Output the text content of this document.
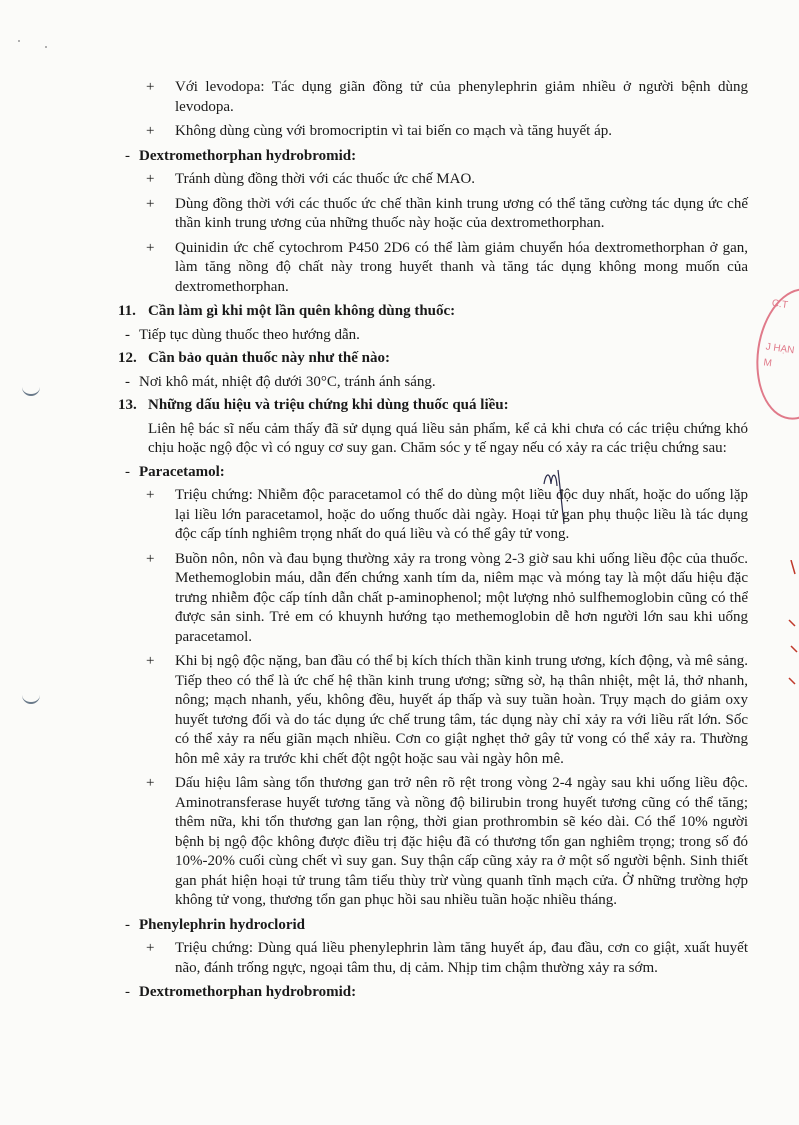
C.T
J HẠN
M
+ Với levodopa: Tác dụng giãn đồng tử của phenylephrin giảm nhiều ở người bệnh dùng levodopa.
+ Không dùng cùng với bromocriptin vì tai biến co mạch và tăng huyết áp.
- Dextromethorphan hydrobromid:
+ Tránh dùng đồng thời với các thuốc ức chế MAO.
+ Dùng đồng thời với các thuốc ức chế thần kinh trung ương có thể tăng cường tác dụng ức chế thần kinh trung ương của những thuốc này hoặc của dextromethorphan.
+ Quinidin ức chế cytochrom P450 2D6 có thể làm giảm chuyển hóa dextromethorphan ở gan, làm tăng nồng độ chất này trong huyết thanh và tăng tác dụng không mong muốn của dextromethorphan.
11. Cần làm gì khi một lần quên không dùng thuốc:
- Tiếp tục dùng thuốc theo hướng dẫn.
12. Cần bảo quản thuốc này như thế nào:
- Nơi khô mát, nhiệt độ dưới 30°C, tránh ánh sáng.
13. Những dấu hiệu và triệu chứng khi dùng thuốc quá liều:
Liên hệ bác sĩ nếu cảm thấy đã sử dụng quá liều sản phẩm, kể cả khi chưa có các triệu chứng khó chịu hoặc ngộ độc vì có nguy cơ suy gan. Chăm sóc y tế ngay nếu có xảy ra các triệu chứng sau:
- Paracetamol:
+ Triệu chứng: Nhiễm độc paracetamol có thể do dùng một liều độc duy nhất, hoặc do uống lặp lại liều lớn paracetamol, hoặc do uống thuốc dài ngày. Hoại tử gan phụ thuộc liều là tác dụng độc cấp tính nghiêm trọng nhất do quá liều và có thể gây tử vong.
+ Buồn nôn, nôn và đau bụng thường xảy ra trong vòng 2-3 giờ sau khi uống liều độc của thuốc. Methemoglobin máu, dẫn đến chứng xanh tím da, niêm mạc và móng tay là một dấu hiệu đặc trưng nhiễm độc cấp tính dẫn chất p-aminophenol; một lượng nhỏ sulfhemoglobin cũng có thể được sản sinh. Trẻ em có khuynh hướng tạo methemoglobin dễ hơn người lớn sau khi uống paracetamol.
+ Khi bị ngộ độc nặng, ban đầu có thể bị kích thích thần kinh trung ương, kích động, và mê sảng. Tiếp theo có thể là ức chế hệ thần kinh trung ương; sững sờ, hạ thân nhiệt, mệt lả, thở nhanh, nông; mạch nhanh, yếu, không đều, huyết áp thấp và suy tuần hoàn. Trụy mạch do giảm oxy huyết tương đối và do tác dụng ức chế trung tâm, tác dụng này chỉ xảy ra với liều rất lớn. Sốc có thể xảy ra nếu giãn mạch nhiều. Cơn co giật nghẹt thở gây tử vong có thể xảy ra. Thường hôn mê xảy ra trước khi chết đột ngột hoặc sau vài ngày hôn mê.
+ Dấu hiệu lâm sàng tổn thương gan trở nên rõ rệt trong vòng 2-4 ngày sau khi uống liều độc. Aminotransferase huyết tương tăng và nồng độ bilirubin trong huyết tương cũng có thể tăng; thêm nữa, khi tổn thương gan lan rộng, thời gian prothrombin sẽ kéo dài. Có thể 10% người bệnh bị ngộ độc không được điều trị đặc hiệu đã có thương tổn gan nghiêm trọng; trong số đó 10%-20% cuối cùng chết vì suy gan. Suy thận cấp cũng xảy ra ở một số người bệnh. Sinh thiết gan phát hiện hoại tử trung tâm tiểu thùy trừ vùng quanh tĩnh mạch cửa. Ở những trường hợp không tử vong, thương tổn gan phục hồi sau nhiều tuần hoặc nhiều tháng.
- Phenylephrin hydroclorid
+ Triệu chứng: Dùng quá liều phenylephrin làm tăng huyết áp, đau đầu, cơn co giật, xuất huyết não, đánh trống ngực, ngoại tâm thu, dị cảm. Nhịp tim chậm thường xảy ra sớm.
- Dextromethorphan hydrobromid:
